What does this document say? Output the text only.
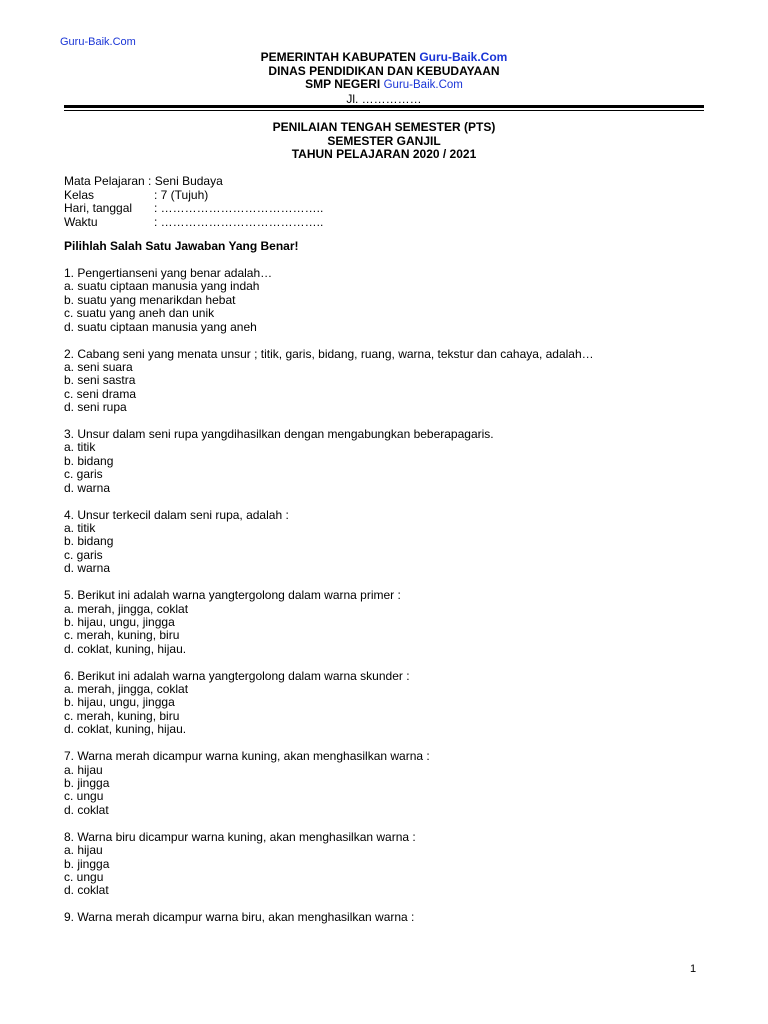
Guru-Baik.Com
PEMERINTAH KABUPATEN Guru-Baik.Com
DINAS PENDIDIKAN DAN KEBUDAYAAN
SMP NEGERI Guru-Baik.Com
Jl. ……………
PENILAIAN TENGAH SEMESTER (PTS)
SEMESTER GANJIL
TAHUN PELAJARAN 2020 / 2021
Mata Pelajaran : Seni Budaya
Kelas	: 7 (Tujuh)
Hari, tanggal : …………………………………..
Waktu	: …………………………………..
Pilihlah Salah Satu Jawaban Yang Benar!
1. Pengertianseni yang benar adalah…
a. suatu ciptaan manusia yang indah
b. suatu yang menarikdan hebat
c. suatu yang aneh dan unik
d. suatu ciptaan manusia yang aneh
2. Cabang seni yang menata unsur ; titik, garis, bidang, ruang, warna, tekstur dan cahaya, adalah…
a. seni suara
b. seni sastra
c. seni drama
d. seni rupa
3. Unsur dalam seni rupa yangdihasilkan dengan mengabungkan beberapagaris.
a. titik
b. bidang
c. garis
d. warna
4. Unsur terkecil dalam seni rupa, adalah :
a. titik
b. bidang
c. garis
d. warna
5. Berikut ini adalah warna yangtergolong dalam warna primer :
a. merah, jingga, coklat
b. hijau, ungu, jingga
c. merah, kuning, biru
d. coklat, kuning, hijau.
6. Berikut ini adalah warna yangtergolong dalam warna skunder :
a. merah, jingga, coklat
b. hijau, ungu, jingga
c. merah, kuning, biru
d. coklat, kuning, hijau.
7. Warna merah dicampur warna kuning, akan menghasilkan warna :
a. hijau
b. jingga
c. ungu
d. coklat
8. Warna biru dicampur warna kuning, akan menghasilkan warna :
a. hijau
b. jingga
c. ungu
d. coklat
9. Warna merah dicampur warna biru, akan menghasilkan warna :
1
